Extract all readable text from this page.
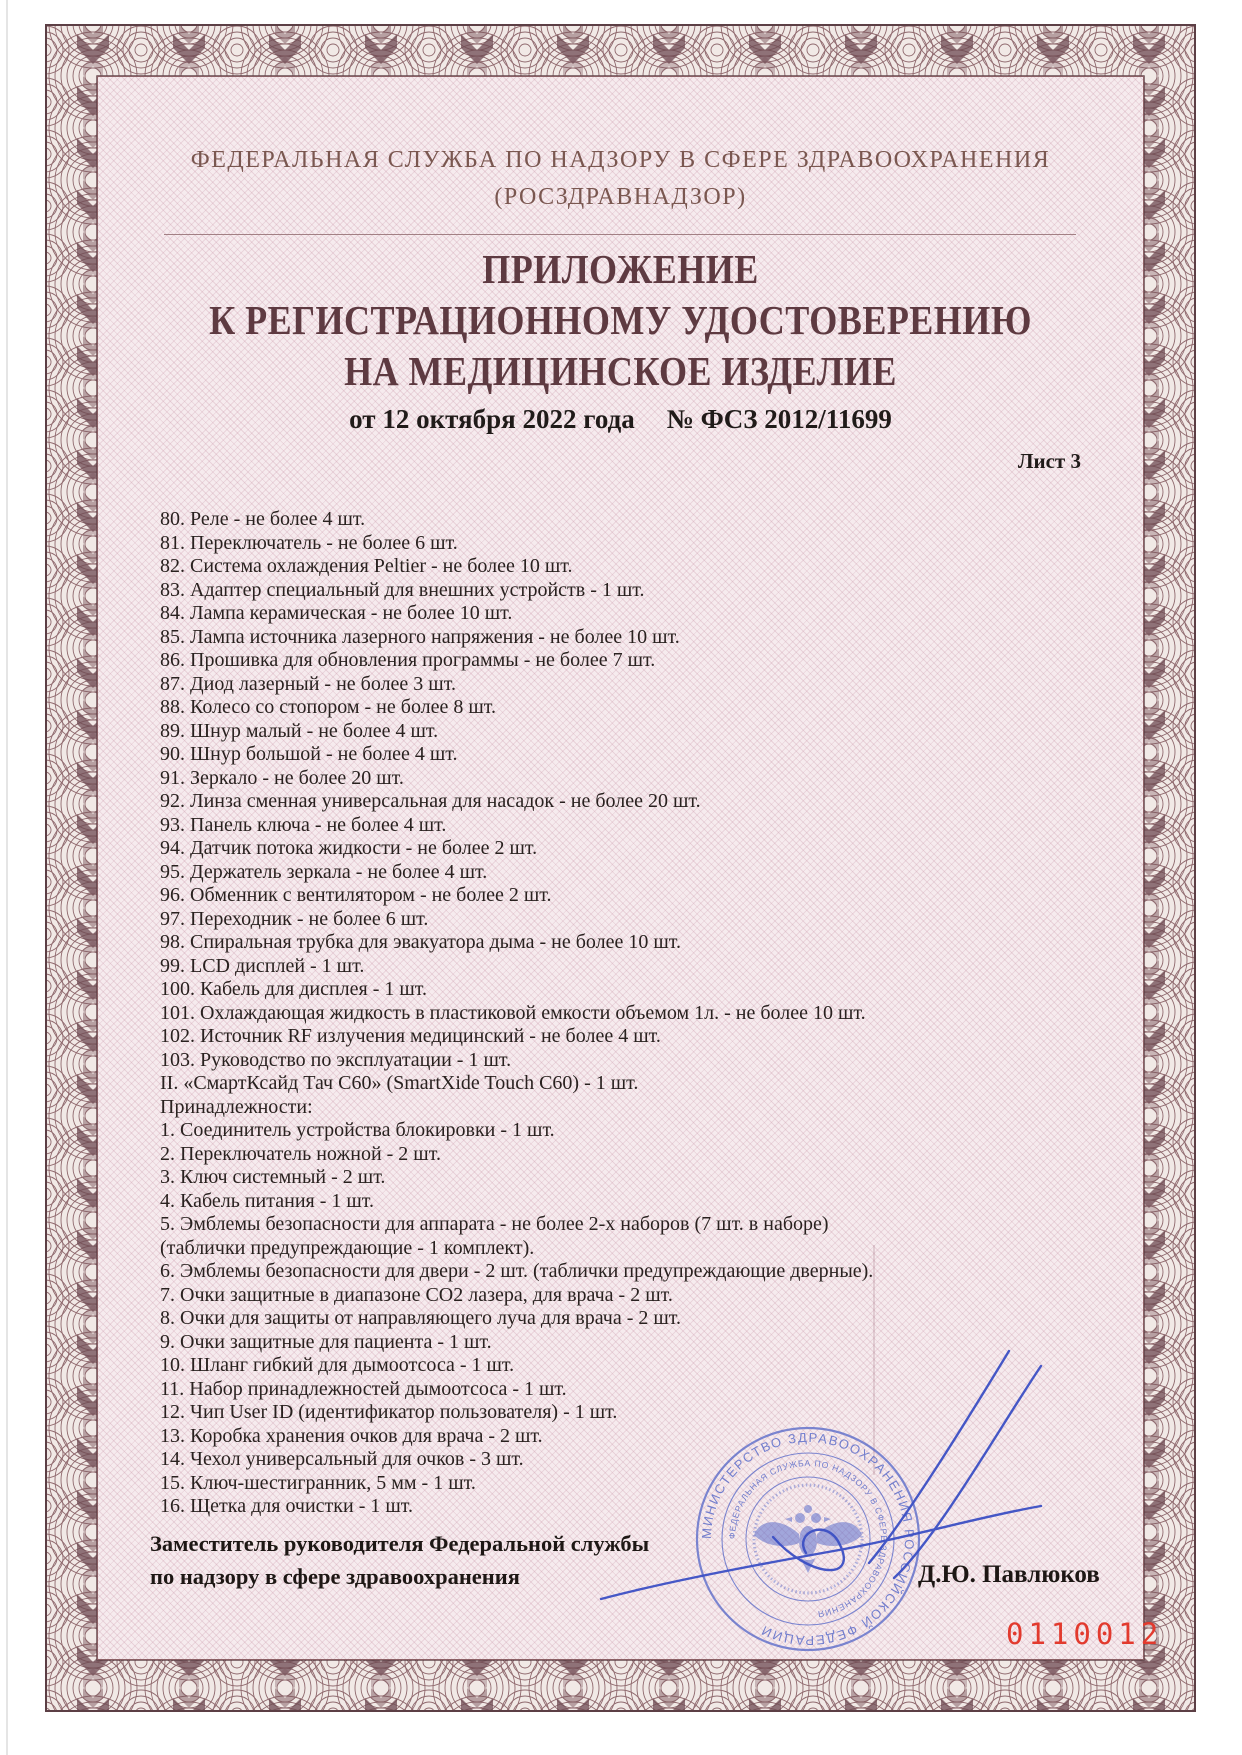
ФЕДЕРАЛЬНАЯ СЛУЖБА ПО НАДЗОРУ В СФЕРЕ ЗДРАВООХРАНЕНИЯ
(РОСЗДРАВНАДЗОР)
ПРИЛОЖЕНИЕ
К РЕГИСТРАЦИОННОМУ УДОСТОВЕРЕНИЮ
НА МЕДИЦИНСКОЕ ИЗДЕЛИЕ
от 12 октября 2022 года № ФСЗ 2012/11699
Лист 3
80. Реле - не более 4 шт.
81. Переключатель - не более 6 шт.
82. Система охлаждения Peltier - не более 10 шт.
83. Адаптер специальный для внешних устройств - 1 шт.
84. Лампа керамическая - не более 10 шт.
85. Лампа источника лазерного напряжения - не более 10 шт.
86. Прошивка для обновления программы - не более 7 шт.
87. Диод лазерный - не более 3 шт.
88. Колесо со стопором - не более 8 шт.
89. Шнур малый - не более 4 шт.
90. Шнур большой - не более 4 шт.
91. Зеркало - не более 20 шт.
92. Линза сменная универсальная для насадок - не более 20 шт.
93. Панель ключа - не более 4 шт.
94. Датчик потока жидкости - не более 2 шт.
95. Держатель зеркала - не более 4 шт.
96. Обменник с вентилятором - не более 2 шт.
97. Переходник - не более 6 шт.
98. Спиральная трубка для эвакуатора дыма - не более 10 шт.
99. LCD дисплей - 1 шт.
100. Кабель для дисплея - 1 шт.
101. Охлаждающая жидкость в пластиковой емкости объемом 1л. - не более 10 шт.
102. Источник RF излучения медицинский - не более 4 шт.
103. Руководство по эксплуатации - 1 шт.
II. «СмартКсайд Тач С60» (SmartXide Touch C60) - 1 шт.
Принадлежности:
1. Соединитель устройства блокировки - 1 шт.
2. Переключатель ножной - 2 шт.
3. Ключ системный - 2 шт.
4. Кабель питания - 1 шт.
5. Эмблемы безопасности для аппарата - не более 2-х наборов (7 шт. в наборе)
(таблички предупреждающие - 1 комплект).
6. Эмблемы безопасности для двери - 2 шт. (таблички предупреждающие дверные).
7. Очки защитные в диапазоне СО2 лазера, для врача - 2 шт.
8. Очки для защиты от направляющего луча для врача - 2 шт.
9. Очки защитные для пациента - 1 шт.
10. Шланг гибкий для дымоотсоса - 1 шт.
11. Набор принадлежностей дымоотсоса - 1 шт.
12. Чип User ID (идентификатор пользователя) - 1 шт.
13. Коробка хранения очков для врача - 2 шт.
14. Чехол универсальный для очков - 3 шт.
15. Ключ-шестигранник, 5 мм - 1 шт.
16. Щетка для очистки - 1 шт.
Заместитель руководителя Федеральной службы
по надзору в сфере здравоохранения	Д.Ю. Павлюков
0110012
МИНИСТЕРСТВО ЗДРАВООХРАНЕНИЯ РОССИЙСКОЙ ФЕДЕРАЦИИ
ФЕДЕРАЛЬНАЯ СЛУЖБА ПО НАДЗОРУ В СФЕРЕ ЗДРАВООХРАНЕНИЯ
